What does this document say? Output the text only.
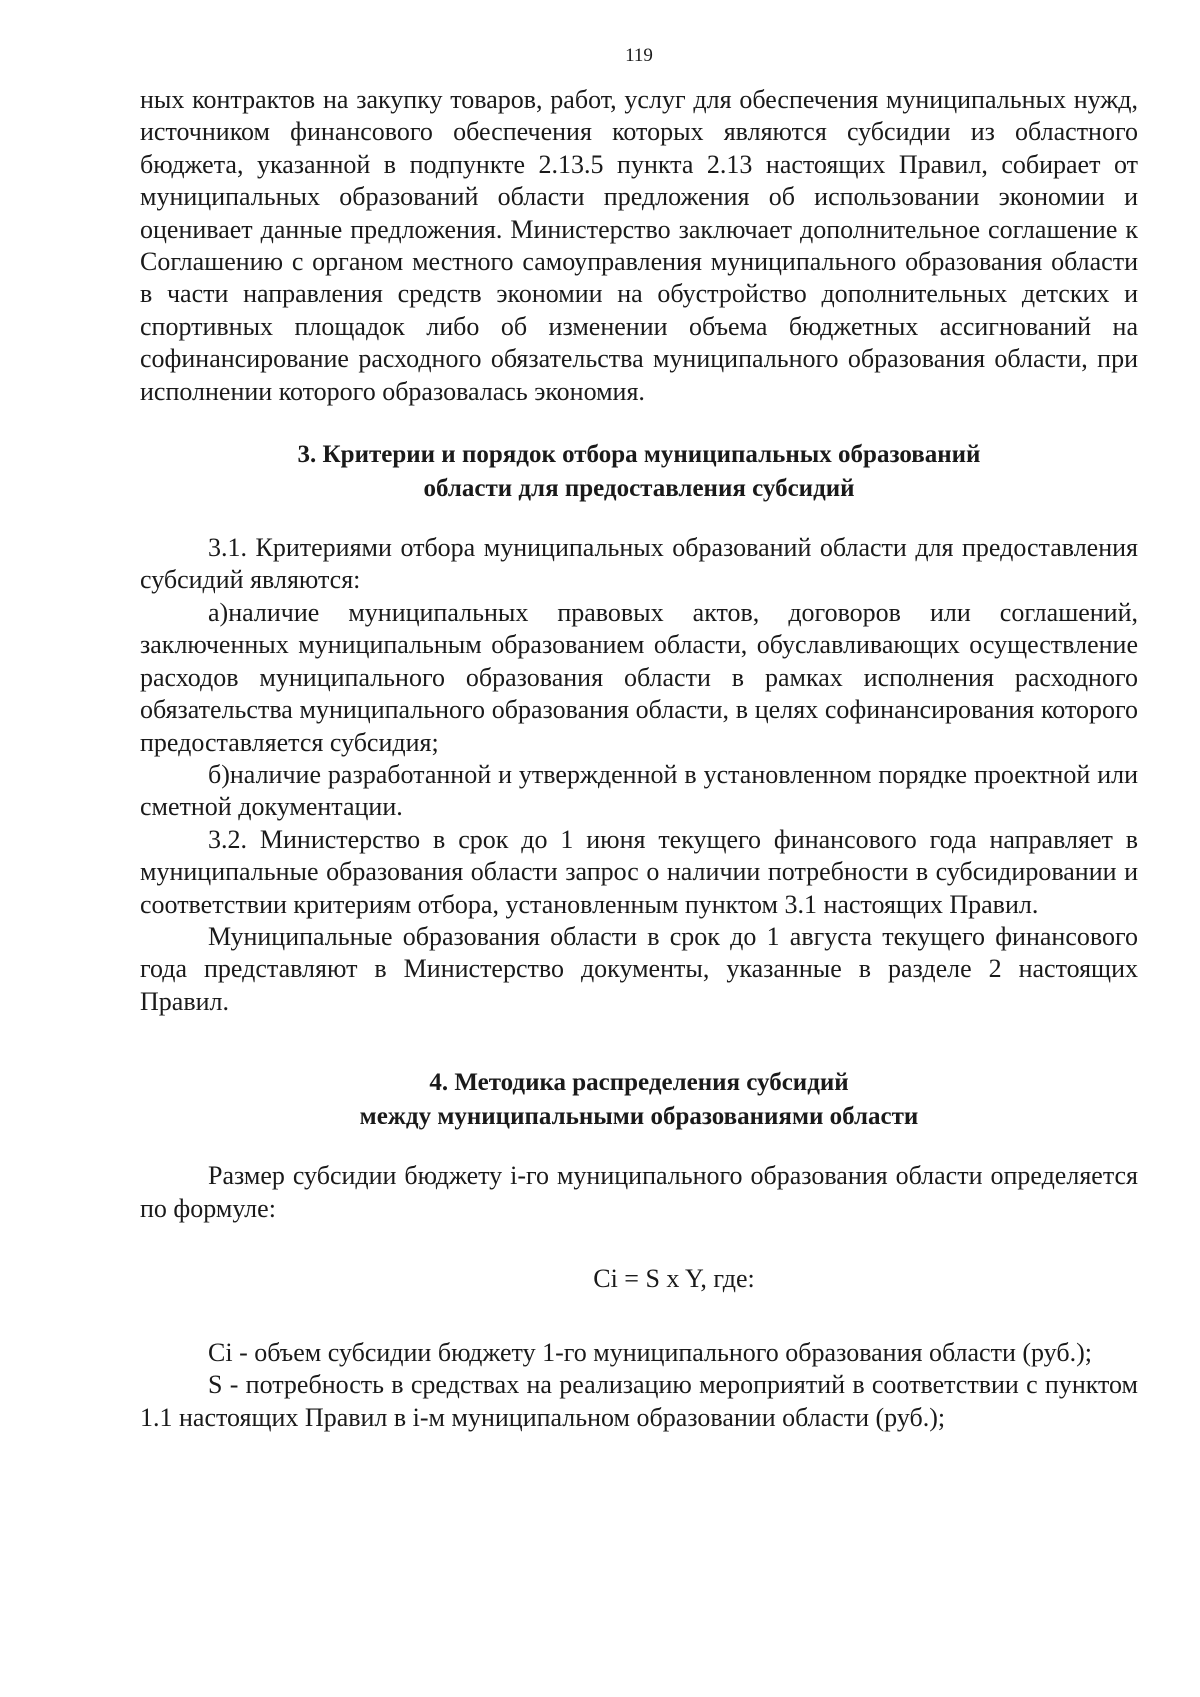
119

ных контрактов на закупку товаров, работ, услуг для обеспечения муниципальных нужд, источником финансового обеспечения которых являются субсидии из областного бюджета, указанной в подпункте 2.13.5 пункта 2.13 настоящих Правил, собирает от муниципальных образований области предложения об использовании экономии и оценивает данные предложения. Министерство заключает дополнительное соглашение к Соглашению с органом местного самоуправления муниципального образования области в части направления средств экономии на обустройство дополнительных детских и спортивных площадок либо об изменении объема бюджетных ассигнований на софинансирование расходного обязательства муниципального образования области, при исполнении которого образовалась экономия.

3. Критерии и порядок отбора муниципальных образований
области для предоставления субсидий

3.1. Критериями отбора муниципальных образований области для предоставления субсидий являются:

а)наличие муниципальных правовых актов, договоров или соглашений, заключенных муниципальным образованием области, обуславливающих осуществление расходов муниципального образования области в рамках исполнения расходного обязательства муниципального образования области, в целях софинансирования которого предоставляется субсидия;

б)наличие разработанной и утвержденной в установленном порядке проектной или сметной документации.

3.2. Министерство в срок до 1 июня текущего финансового года направляет в муниципальные образования области запрос о наличии потребности в субсидировании и соответствии критериям отбора, установленным пунктом 3.1 настоящих Правил.

Муниципальные образования области в срок до 1 августа текущего финансового года представляют в Министерство документы, указанные в разделе 2 настоящих Правил.

4. Методика распределения субсидий
между муниципальными образованиями области

Размер субсидии бюджету i-го муниципального образования области определяется по формуле:

Ci = S x Y, где:

Ci - объем субсидии бюджету 1-го муниципального образования области (руб.);

S - потребность в средствах на реализацию мероприятий в соответствии с пунктом 1.1 настоящих Правил в i-м муниципальном образовании области (руб.);
